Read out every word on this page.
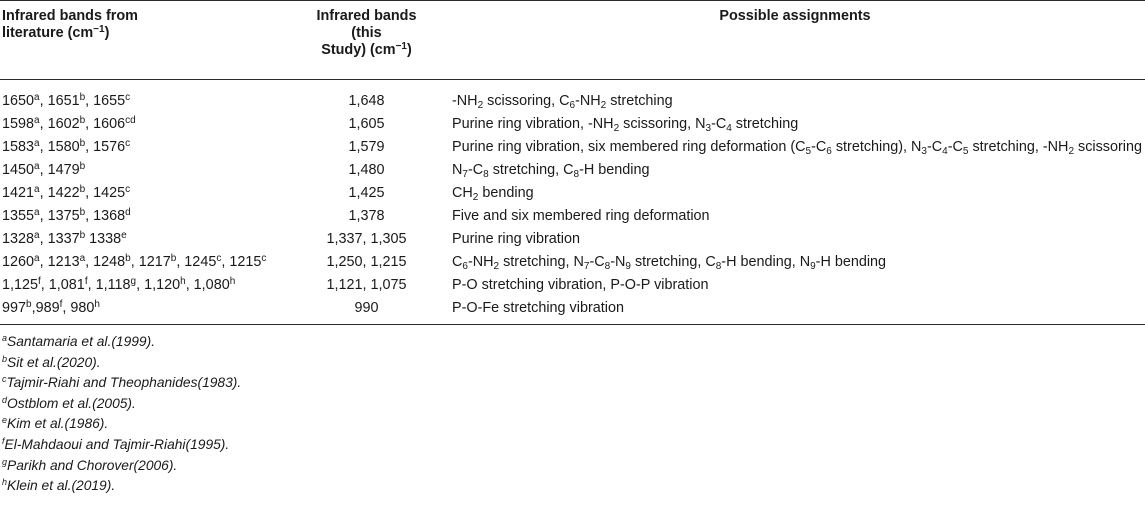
Infrared bands from
literature $(cm^{-1})$	Infrared bands
(this
Study) $(cm^{-1})$	Possible assignments
1650$^a$, 1651$^b$, 1655$^c$	1,648	$-NH_2$ scissoring, $C_6-NH_2$ stretching
1598$^a$, 1602$^b$, $1606^{cd}$	1,605	Purine ring vibration, $-NH_2$ scissoring, $N_3-C_4$ stretching
1583$^a$, 1580$^b$, 1576$^c$	1,579	Purine ring vibration, six membered ring deformation ($C_5-C_6$ stretching), $N_3-C_4-C_5$ stretching, $-NH_2$ scissoring
1450$^a$, 1479$^b$	1,480	$N_7-C_8$ stretching, $C_8-H$ bending
1421$^a$, 1422$^b$, 1425$^c$	1,425	$CH_2$ bending
1355$^a$, 1375$^b$, 1368$^d$	1,378	Five and six membered ring deformation
1328$^a$, 1337$^b$ 1338e	1,337, 1,305	Purine ring vibration
1260$^a$, 1213$^a$, 1248$^b$, 1217$^b$, 1245$^c$, 1215$^c$	1,250, 1,215	$C_6-NH_2$ stretching, $N_7-C_8-N_9$ stretching, $C_8-H$ bending, $N_9-H$ bending
1,125$^f$, 1,081$^f$, 1,118$^g$, 1,120$^h$, 1,080$^h$	1,121, 1,075	P-O stretching vibration, P-O-P vibration
997$^b$,989$^f$, 980$^h$	990	P-O-Fe stretching vibration
$^a$Santamaria et al.(1999).
$^b$Sit et al.(2020).
$^c$Tajmir-Riahi and Theophanides(1983).
$^d$Ostblom et al.(2005).
$^e$Kim et al.(1986).
$^f$El-Mahdaoui and Tajmir-Riahi(1995).
$^g$Parikh and Chorover(2006).
$^h$Klein et al.(2019).
